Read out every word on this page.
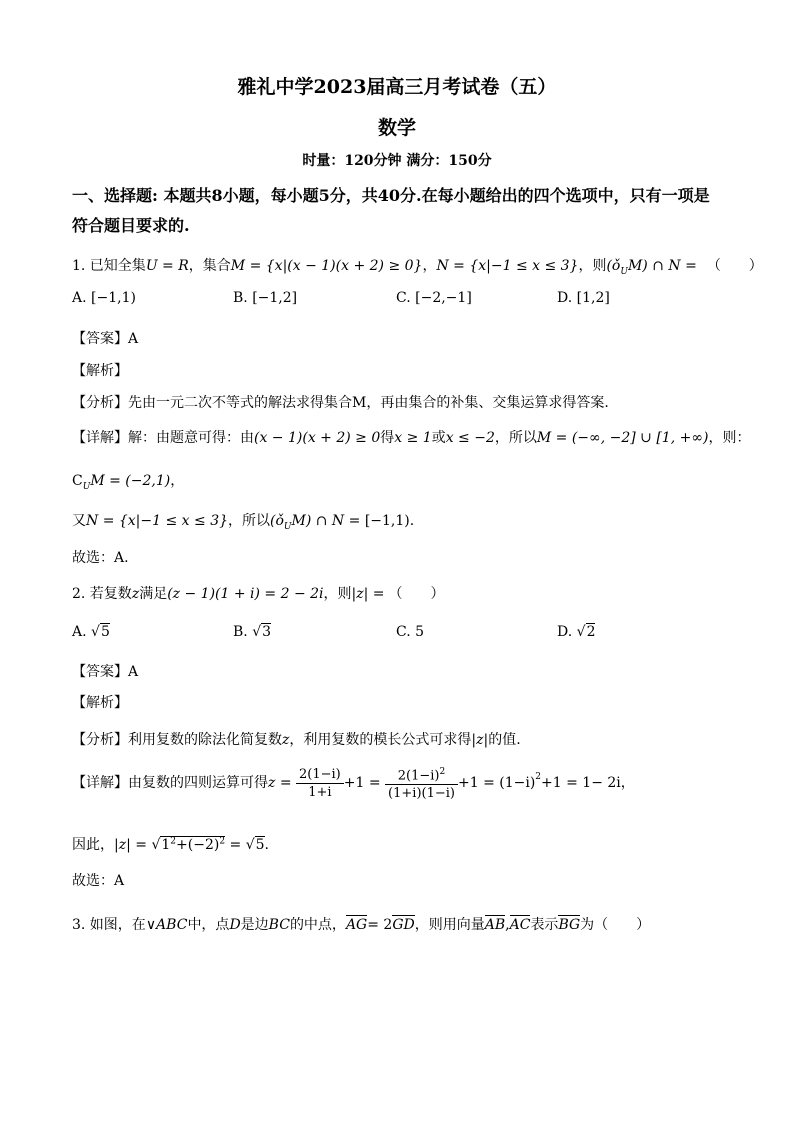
雅礼中学2023届高三月考试卷（五）
数学
时量：120分钟 满分：150分
一、选择题: 本题共8小题，每小题5分，共40分.在每小题给出的四个选项中，只有一项是
符合题目要求的.
1. 已知全集U = R，集合M = {x|(x − 1)(x + 2) ≥ 0}，N = {x|−1 ≤ x ≤ 3}，则$(ǒ_UM)$ ∩ N = （　　）
A. [−1,1)	B. [−1,2]	C. [−2,−1]	D. [1,2]
【答案】A
【解析】
【分析】先由一元二次不等式的解法求得集合M，再由集合的补集、交集运算求得答案.
【详解】解：由题意可得：由(x − 1)(x + 2) ≥ 0得x ≥ 1或x ≤ −2，所以M = (−∞, −2] ∪ [1, +∞)，则：
$C_UM = (-2,1)$，
又N = {x|−1 ≤ x ≤ 3}，所以$(ǒ_UM)$ ∩ N = [−1,1).
故选：A.
2. 若复数z满足(z − 1)(1 + i) = 2 − 2i，则|z| = （　　）
A. √5	B. √3	C. 5	D. √2
【答案】A
【解析】
【分析】利用复数的除法化简复数z，利用复数的模长公式可求得|z|的值.
【详解】由复数的四则运算可得$z = \frac{2(1-i)}{1+i} +1 = \frac{2(1-i)^2}{(1+i)(1-i)} +1 = (1-i)^2+1 = 1- 2i$，
因此，$|z| = √1^2+(-2)^2 = √5$.
故选：A
3. 如图，在∨ABC中，点D是边BC的中点，AG= 2GD，则用向量AB,AC表示BG为（　　）
